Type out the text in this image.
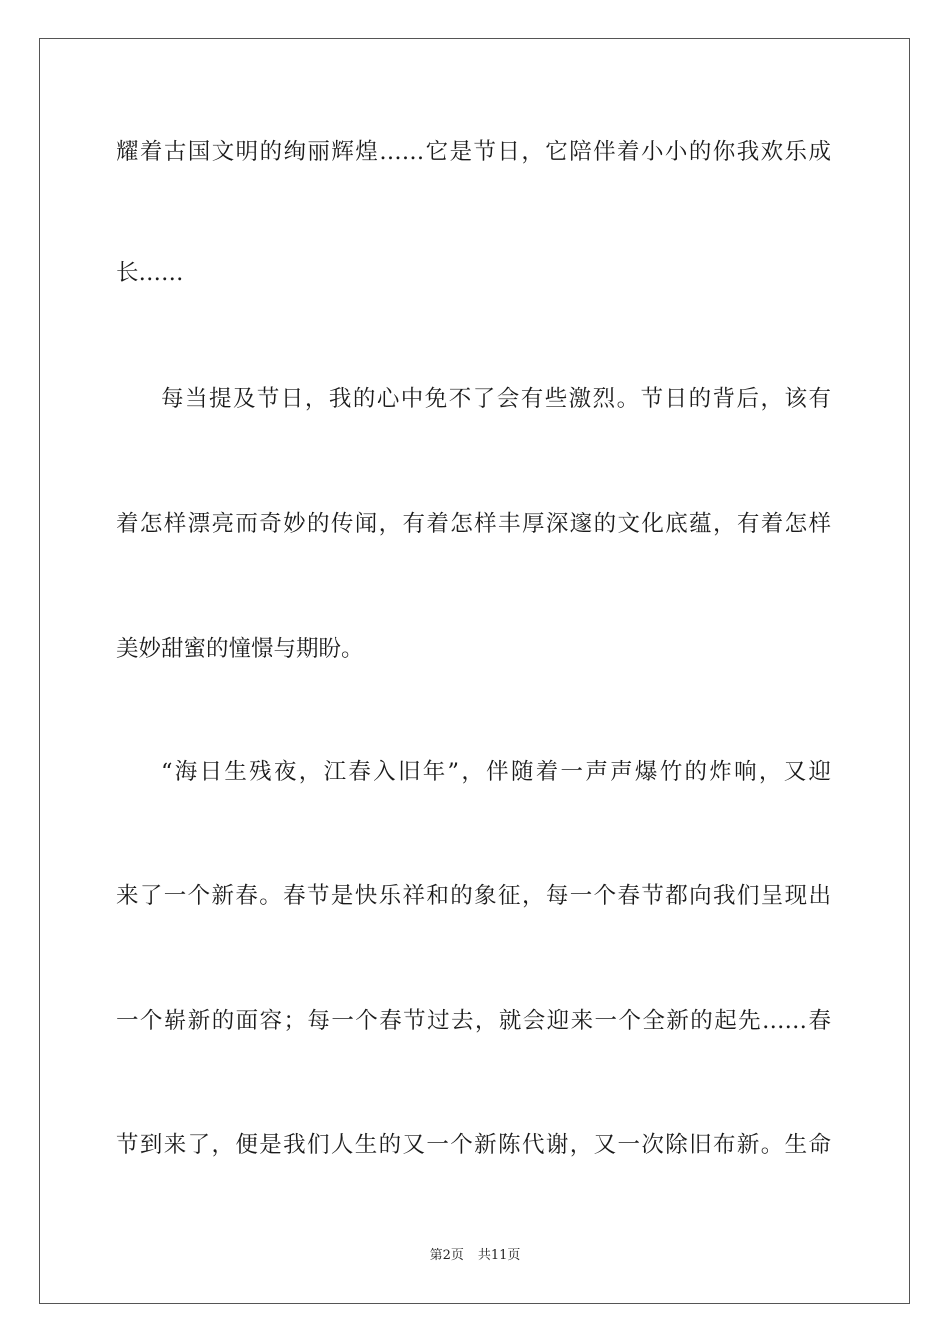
耀着古国文明的绚丽辉煌……它是节日，它陪伴着小小的你我欢乐成
长……
每当提及节日，我的心中免不了会有些激烈。节日的背后，该有
着怎样漂亮而奇妙的传闻，有着怎样丰厚深邃的文化底蕴，有着怎样
美妙甜蜜的憧憬与期盼。
“海日生残夜，江春入旧年”，伴随着一声声爆竹的炸响，又迎
来了一个新春。春节是快乐祥和的象征，每一个春节都向我们呈现出
一个崭新的面容；每一个春节过去，就会迎来一个全新的起先……春
节到来了，便是我们人生的又一个新陈代谢，又一次除旧布新。生命
第2页 共11页
